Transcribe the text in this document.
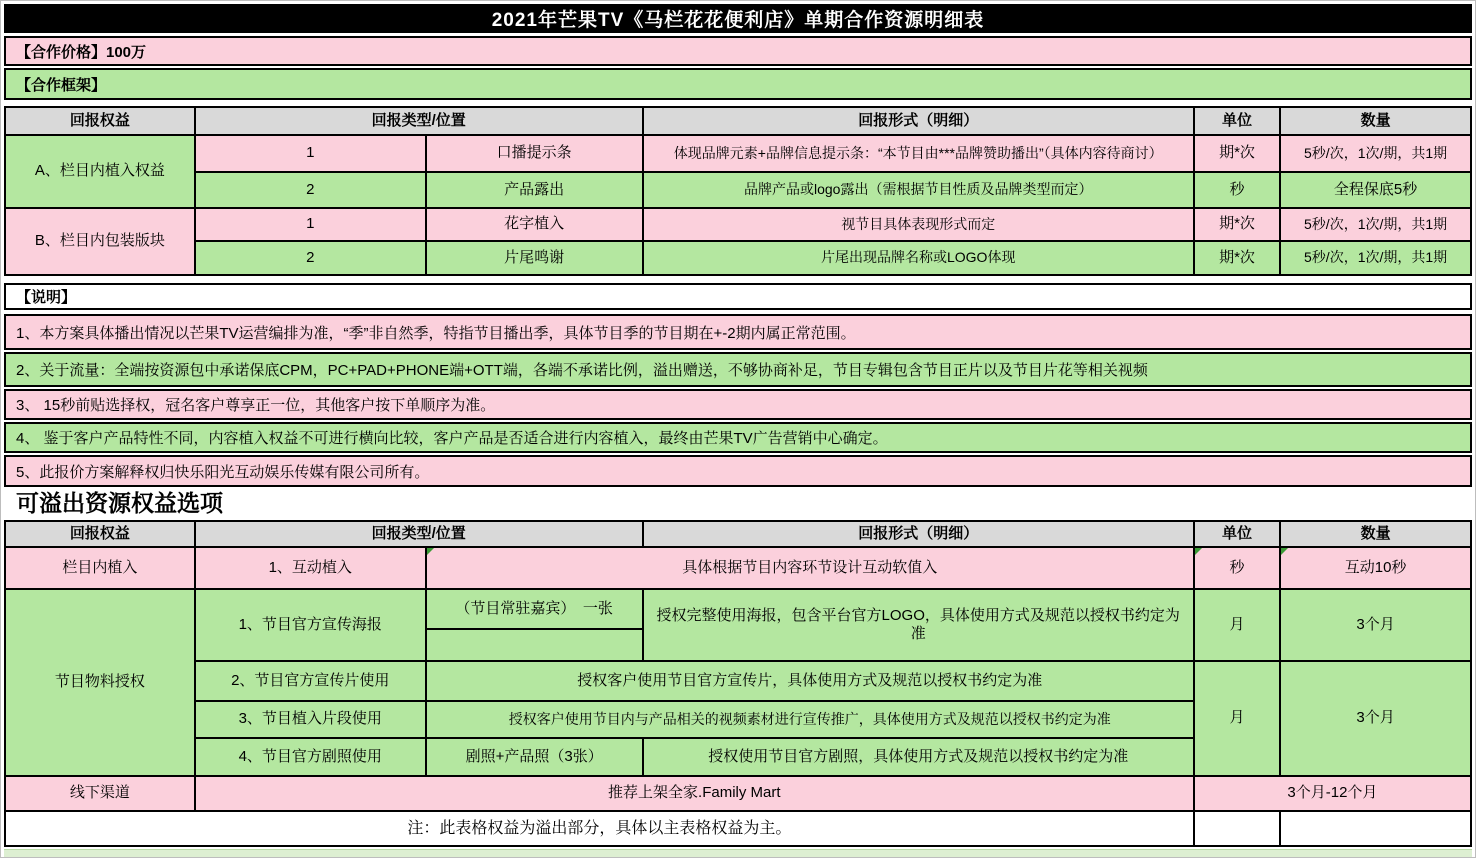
2021年芒果TV《马栏花花便利店》单期合作资源明细表
【合作价格】100万
【合作框架】
回报权益	回报类型/位置		回报形式（明细）	单位	数量
A、栏目内植入权益	1	口播提示条	体现品牌元素+品牌信息提示条：“本节目由***品牌赞助播出”（具体内容待商讨）	期*次	5秒/次，1次/期，共1期
	2	产品露出	品牌产品或logo露出（需根据节目性质及品牌类型而定）	秒	全程保底5秒
B、栏目内包装版块	1	花字植入	视节目具体表现形式而定	期*次	5秒/次，1次/期，共1期
	2	片尾鸣谢	片尾出现品牌名称或LOGO体现	期*次	5秒/次，1次/期，共1期
【说明】
1、本方案具体播出情况以芒果TV运营编排为准，“季”非自然季，特指节目播出季，具体节目季的节目期在+-2期内属正常范围。
2、关于流量：全端按资源包中承诺保底CPM，PC+PAD+PHONE端+OTT端，各端不承诺比例，溢出赠送，不够协商补足，节目专辑包含节目正片以及节目片花等相关视频
3、 15秒前贴选择权，冠名客户尊享正一位，其他客户按下单顺序为准。
4、 鉴于客户产品特性不同，内容植入权益不可进行横向比较，客户产品是否适合进行内容植入，最终由芒果TV广告营销中心确定。
5、此报价方案解释权归快乐阳光互动娱乐传媒有限公司所有。
可溢出资源权益选项
回报权益	回报类型/位置		回报形式（明细）	单位	数量
栏目内植入	1、互动植入	具体根据节目内容环节设计互动软值入		秒	互动10秒
节目物料授权	1、节目官方宣传海报	（节目常驻嘉宾）　一张	授权完整使用海报，包含平台官方LOGO，具体使用方式及规范以授权书约定为准	月	3个月

	2、节目官方宣传片使用	授权客户使用节目官方宣传片，具体使用方式及规范以授权书约定为准		月	3个月
	3、节目植入片段使用	授权客户使用节目内与产品相关的视频素材进行宣传推广，具体使用方式及规范以授权书约定为准			
	4、节目官方剧照使用	剧照+产品照（3张）	授权使用节目官方剧照，具体使用方式及规范以授权书约定为准		
线下渠道	推荐上架全家.Family Mart			3个月-12个月	
注：此表格权益为溢出部分，具体以主表格权益为主。					
